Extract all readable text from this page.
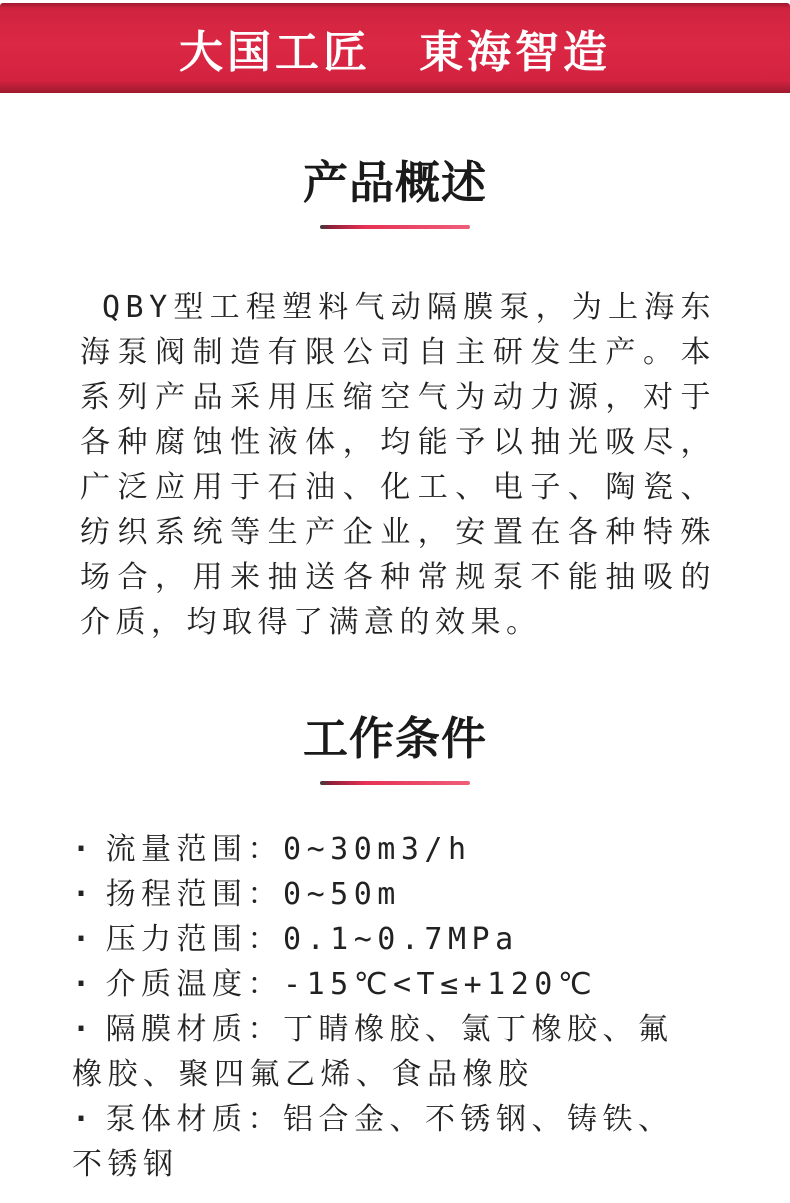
大国工匠　東海智造
产品概述

QBY型工程塑料气动隔膜泵，为上海东海泵阀制造有限公司自主研发生产。本系列产品采用压缩空气为动力源，对于各种腐蚀性液体，均能予以抽光吸尽，广泛应用于石油、化工、电子、陶瓷、纺织系统等生产企业，安置在各种特殊场合，用来抽送各种常规泵不能抽吸的介质，均取得了满意的效果。

工作条件
· 流量范围：0~30m3/h
· 扬程范围：0~50m
· 压力范围：0.1~0.7MPa
· 介质温度：-15℃<T≤+120℃
· 隔膜材质：丁睛橡胶、氯丁橡胶、氟橡胶、聚四氟乙烯、食品橡胶
· 泵体材质：铝合金、不锈钢、铸铁、不锈钢
